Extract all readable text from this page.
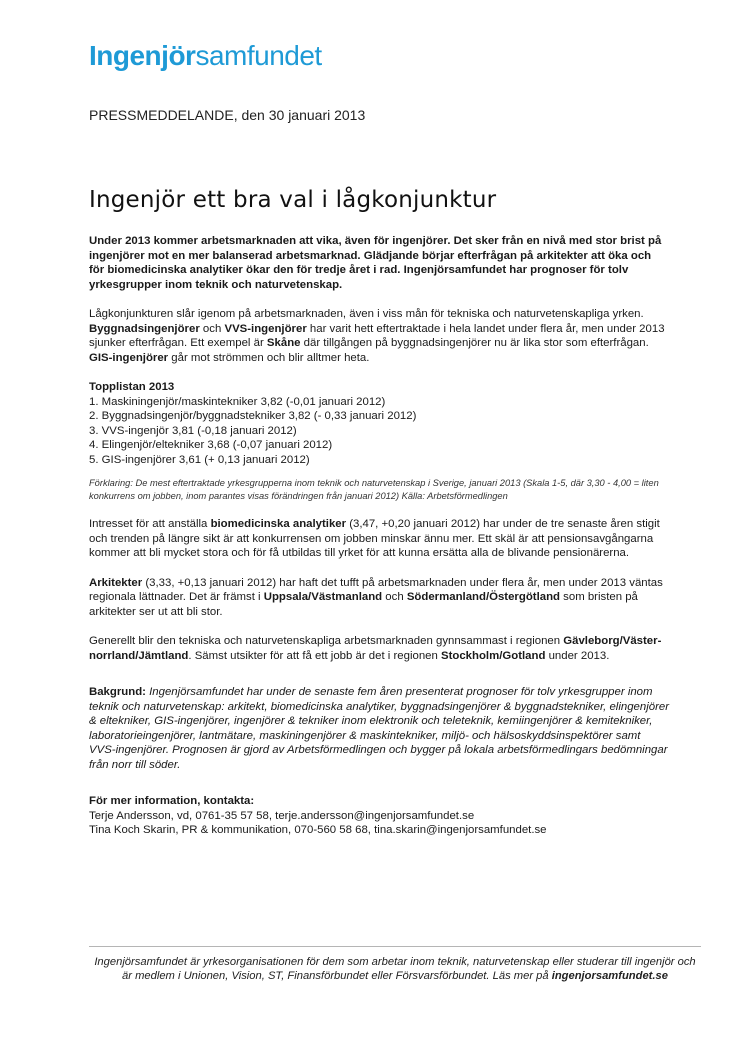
Ingenjörsamfundet
PRESSMEDDELANDE, den 30 januari 2013
Ingenjör ett bra val i lågkonjunktur

Under 2013 kommer arbetsmarknaden att vika, även för ingenjörer. Det sker från en nivå med stor brist på ingenjörer mot en mer balanserad arbetsmarknad. Glädjande börjar efterfrågan på arkitekter att öka och för biomedicinska analytiker ökar den för tredje året i rad. Ingenjörsamfundet har prognoser för tolv yrkesgrupper inom teknik och naturvetenskap.

Lågkonjunkturen slår igenom på arbetsmarknaden, även i viss mån för tekniska och naturvetenskapliga yrken. Byggnadsingenjörer och VVS-ingenjörer har varit hett eftertraktade i hela landet under flera år, men under 2013 sjunker efterfrågan. Ett exempel är Skåne där tillgången på byggnadsingenjörer nu är lika stor som efterfrågan. GIS-ingenjörer går mot strömmen och blir alltmer heta.

Topplistan 2013

1. Maskiningenjör/maskintekniker 3,82 (-0,01 januari 2012)

2. Byggnadsingenjör/byggnadstekniker 3,82 (- 0,33 januari 2012)

3. VVS-ingenjör 3,81 (-0,18 januari 2012)

4. Elingenjör/eltekniker 3,68 (-0,07 januari 2012)

5. GIS-ingenjörer 3,61 (+ 0,13 januari 2012)

Förklaring: De mest eftertraktade yrkesgrupperna inom teknik och naturvetenskap i Sverige, januari 2013 (Skala 1-5, där 3,30 - 4,00 = liten konkurrens om jobben, inom parantes visas förändringen från januari 2012) Källa: Arbetsförmedlingen

Intresset för att anställa biomedicinska analytiker (3,47, +0,20 januari 2012) har under de tre senaste åren stigit och trenden på längre sikt är att konkurrensen om jobben minskar ännu mer. Ett skäl är att pensionsavgångarna kommer att bli mycket stora och för få utbildas till yrket för att kunna ersätta alla de blivande pensionärerna.

Arkitekter (3,33, +0,13 januari 2012) har haft det tufft på arbetsmarknaden under flera år, men under 2013 väntas regionala lättnader. Det är främst i Uppsala/Västmanland och Södermanland/Östergötland som bristen på arkitekter ser ut att bli stor.

Generellt blir den tekniska och naturvetenskapliga arbetsmarknaden gynnsammast i regionen Gävleborg/Väster-norrland/Jämtland. Sämst utsikter för att få ett jobb är det i regionen Stockholm/Gotland under 2013.

Bakgrund: Ingenjörsamfundet har under de senaste fem åren presenterat prognoser för tolv yrkesgrupper inom teknik och naturvetenskap: arkitekt, biomedicinska analytiker, byggnadsingenjörer & byggnadstekniker, elingenjörer & eltekniker, GIS-ingenjörer, ingenjörer & tekniker inom elektronik och teleteknik, kemiingenjörer & kemitekniker, laboratorieingenjörer, lantmätare, maskiningenjörer & maskintekniker, miljö- och hälsoskyddsinspektörer samt VVS-ingenjörer. Prognosen är gjord av Arbetsförmedlingen och bygger på lokala arbetsförmedlingars bedömningar från norr till söder.

För mer information, kontakta:

Terje Andersson, vd, 0761-35 57 58, terje.andersson@ingenjorsamfundet.se

Tina Koch Skarin, PR & kommunikation, 070-560 58 68, tina.skarin@ingenjorsamfundet.se

Ingenjörsamfundet är yrkesorganisationen för dem som arbetar inom teknik, naturvetenskap eller studerar till ingenjör och är medlem i Unionen, Vision, ST, Finansförbundet eller Försvarsförbundet. Läs mer på ingenjorsamfundet.se
